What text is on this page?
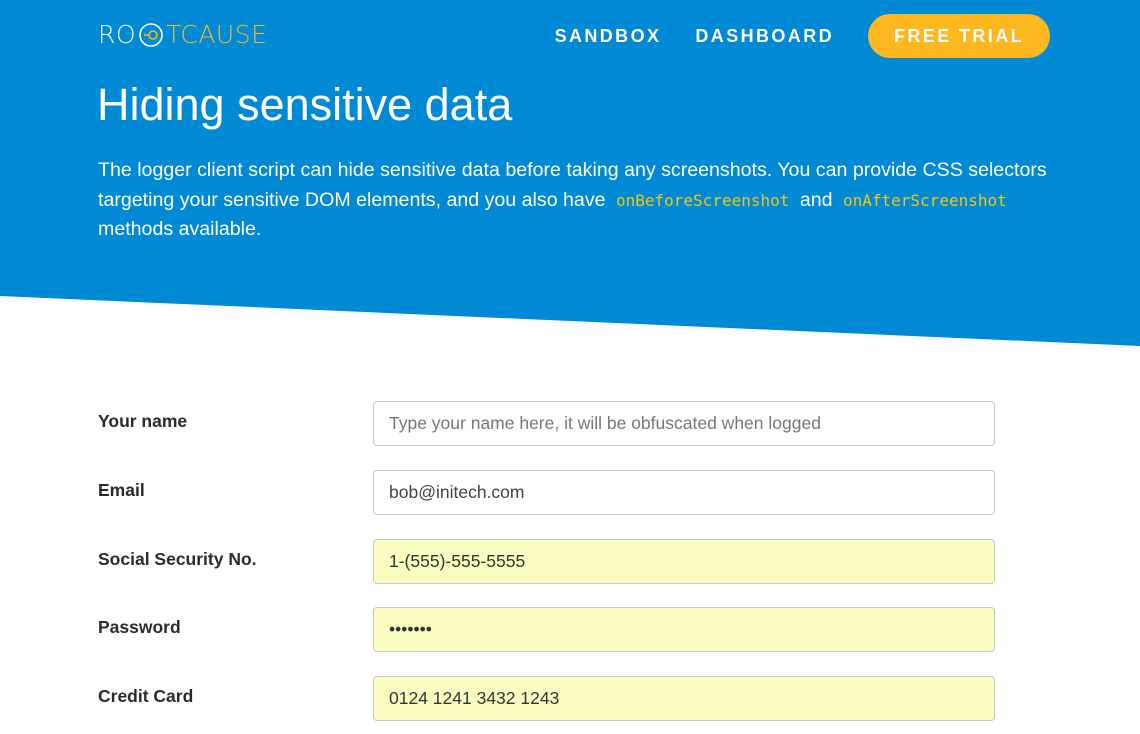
RO TCAUSE	SANDBOX DASHBOARD	FREE TRIAL
Hiding sensitive data

The logger client script can hide sensitive data before taking any screenshots. You can provide CSS selectors targeting your sensitive DOM elements, and you also have onBeforeScreenshot and onAfterScreenshot methods available.

Your name
Type your name here, it will be obfuscated when logged
Email
bob@initech.com
Social Security No.
1-(555)-555-5555
Password
Credit Card
0124 1241 3432 1243
